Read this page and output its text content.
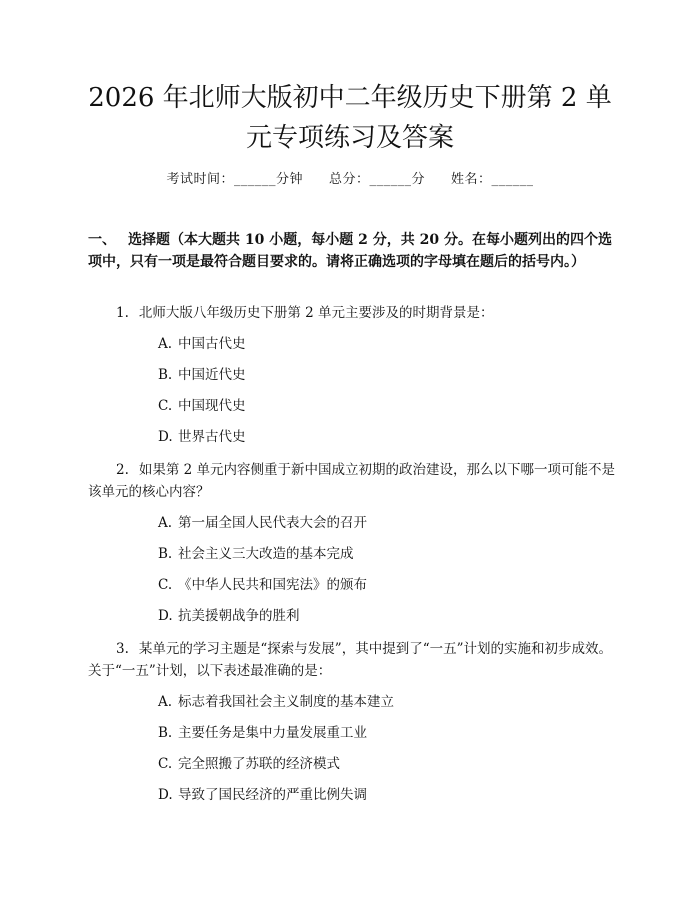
2026 年北师大版初中二年级历史下册第 2 单
元专项练习及答案
考试时间：______分钟 总分：______分 姓名：______
一、 选择题（本大题共 10 小题，每小题 2 分，共 20 分。在每小题列出的四个选项中，只有一项是最符合题目要求的。请将正确选项的字母填在题后的括号内。）

1. 北师大版八年级历史下册第 2 单元主要涉及的时期背景是：

A. 中国古代史
B. 中国近代史
C. 中国现代史
D. 世界古代史

2. 如果第 2 单元内容侧重于新中国成立初期的政治建设，那么以下哪一项可能不是该单元的核心内容？

A. 第一届全国人民代表大会的召开
B. 社会主义三大改造的基本完成
C. 《中华人民共和国宪法》的颁布
D. 抗美援朝战争的胜利

3. 某单元的学习主题是“探索与发展”，其中提到了“一五”计划的实施和初步成效。关于“一五”计划，以下表述最准确的是：

A. 标志着我国社会主义制度的基本建立
B. 主要任务是集中力量发展重工业
C. 完全照搬了苏联的经济模式
D. 导致了国民经济的严重比例失调
